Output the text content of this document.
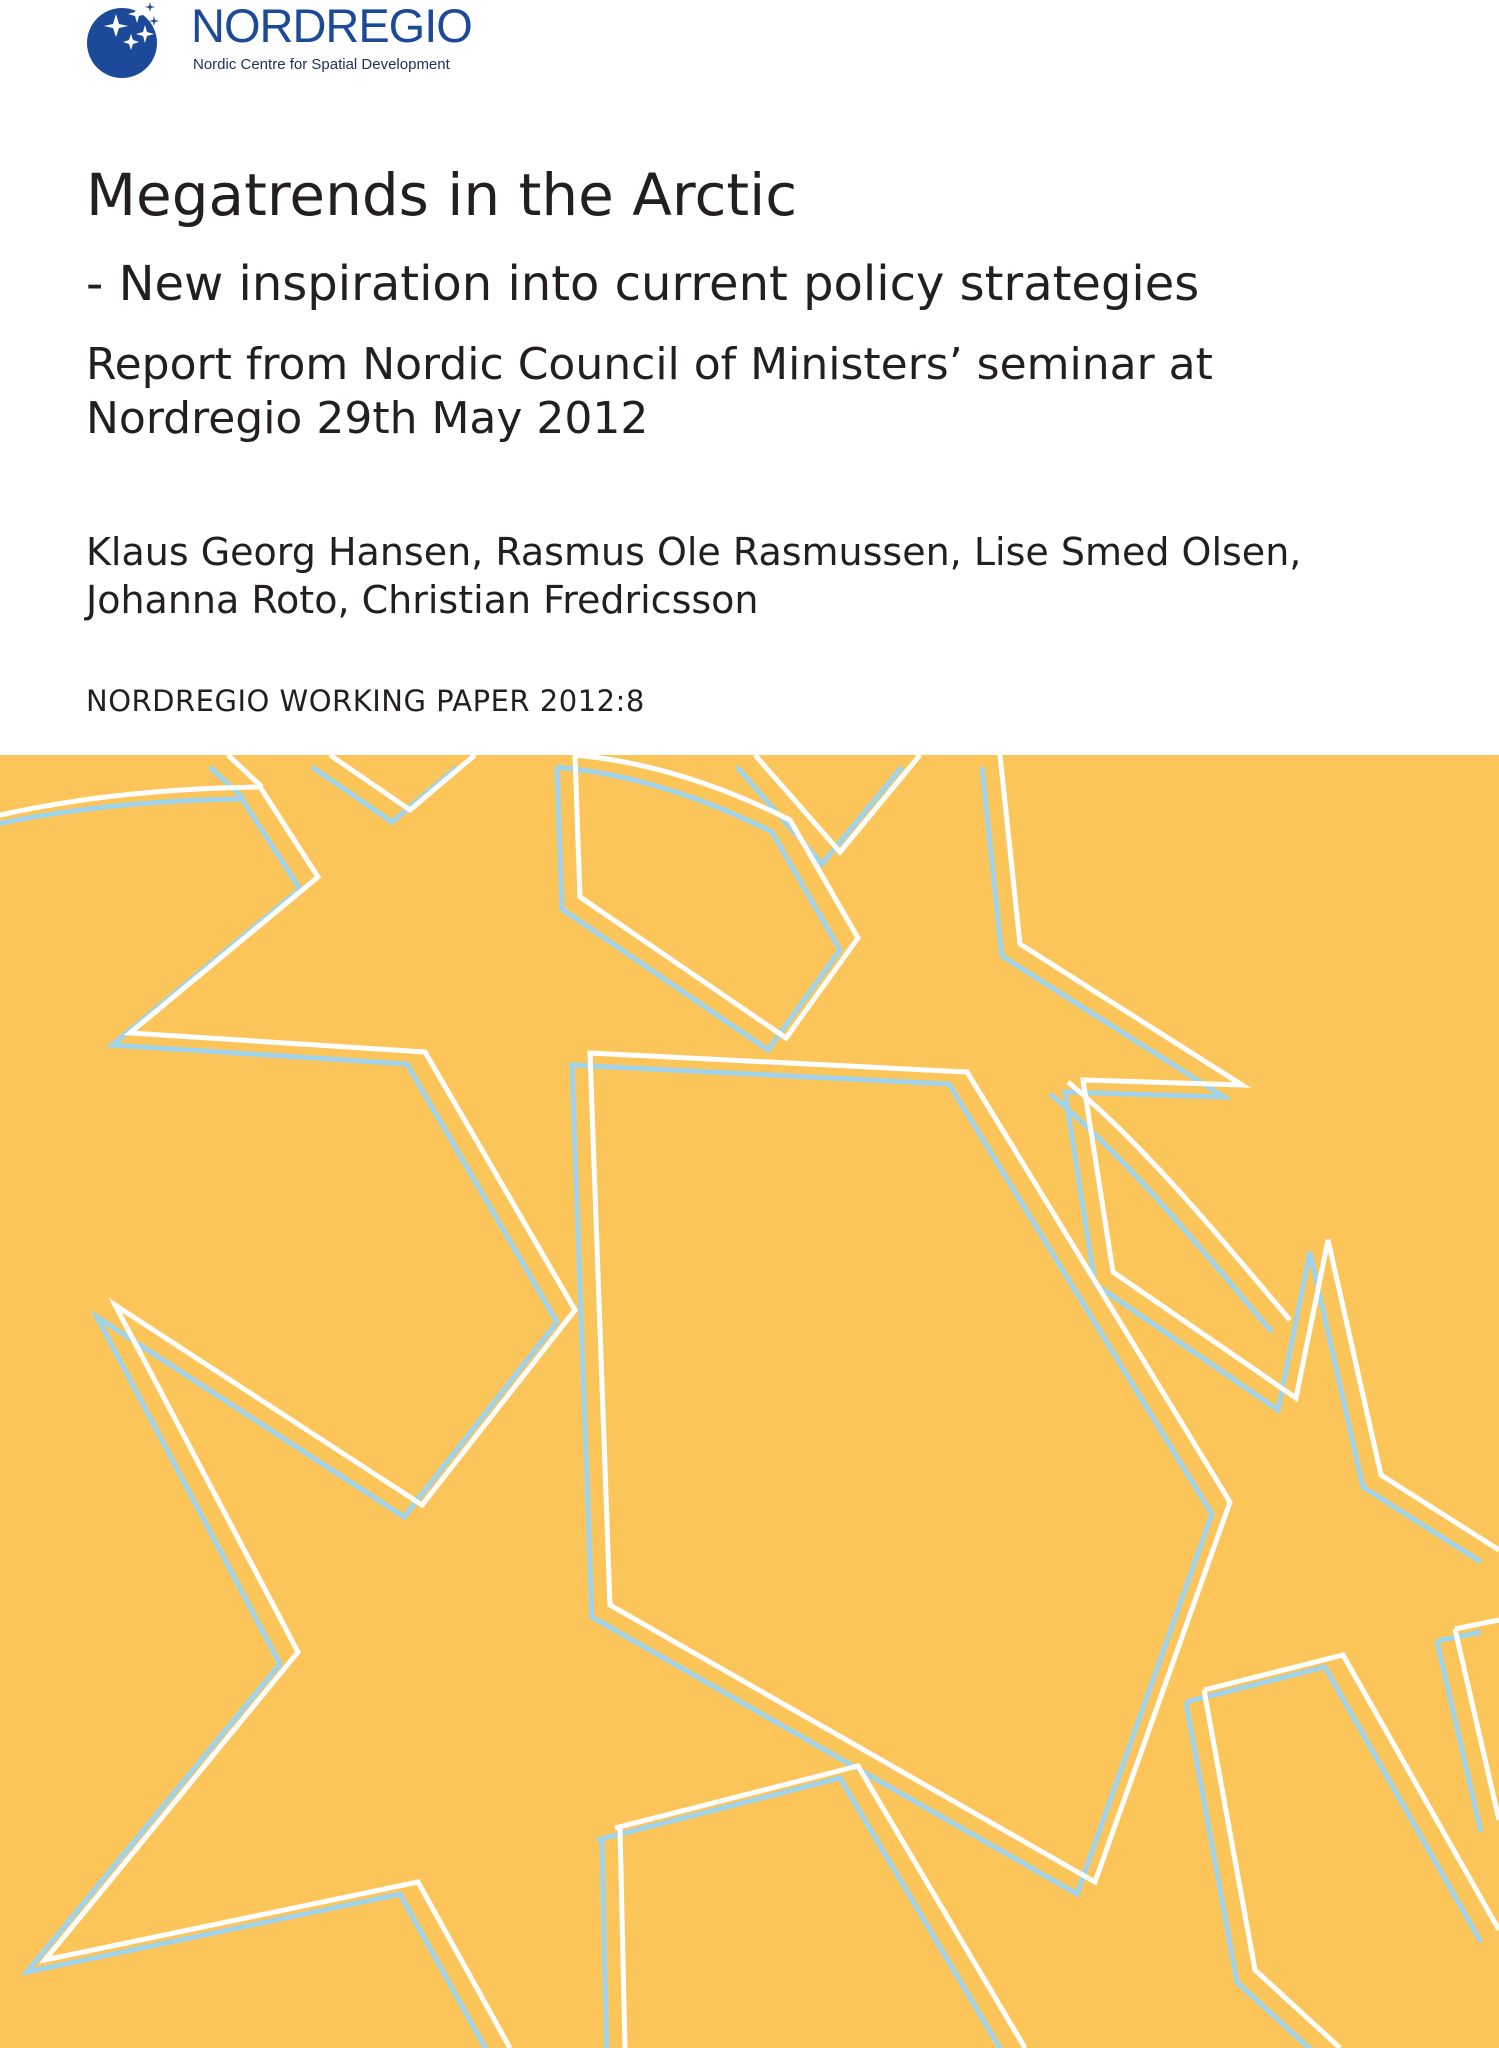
NORDREGIO
Nordic Centre for Spatial Development
Megatrends in the Arctic
- New inspiration into current policy strategies

Report from Nordic Council of Ministers’ seminar at Nordregio 29th May 2012

Klaus Georg Hansen, Rasmus Ole Rasmussen, Lise Smed Olsen, Johanna Roto, Christian Fredricsson

NORDREGIO WORKING PAPER 2012:8
